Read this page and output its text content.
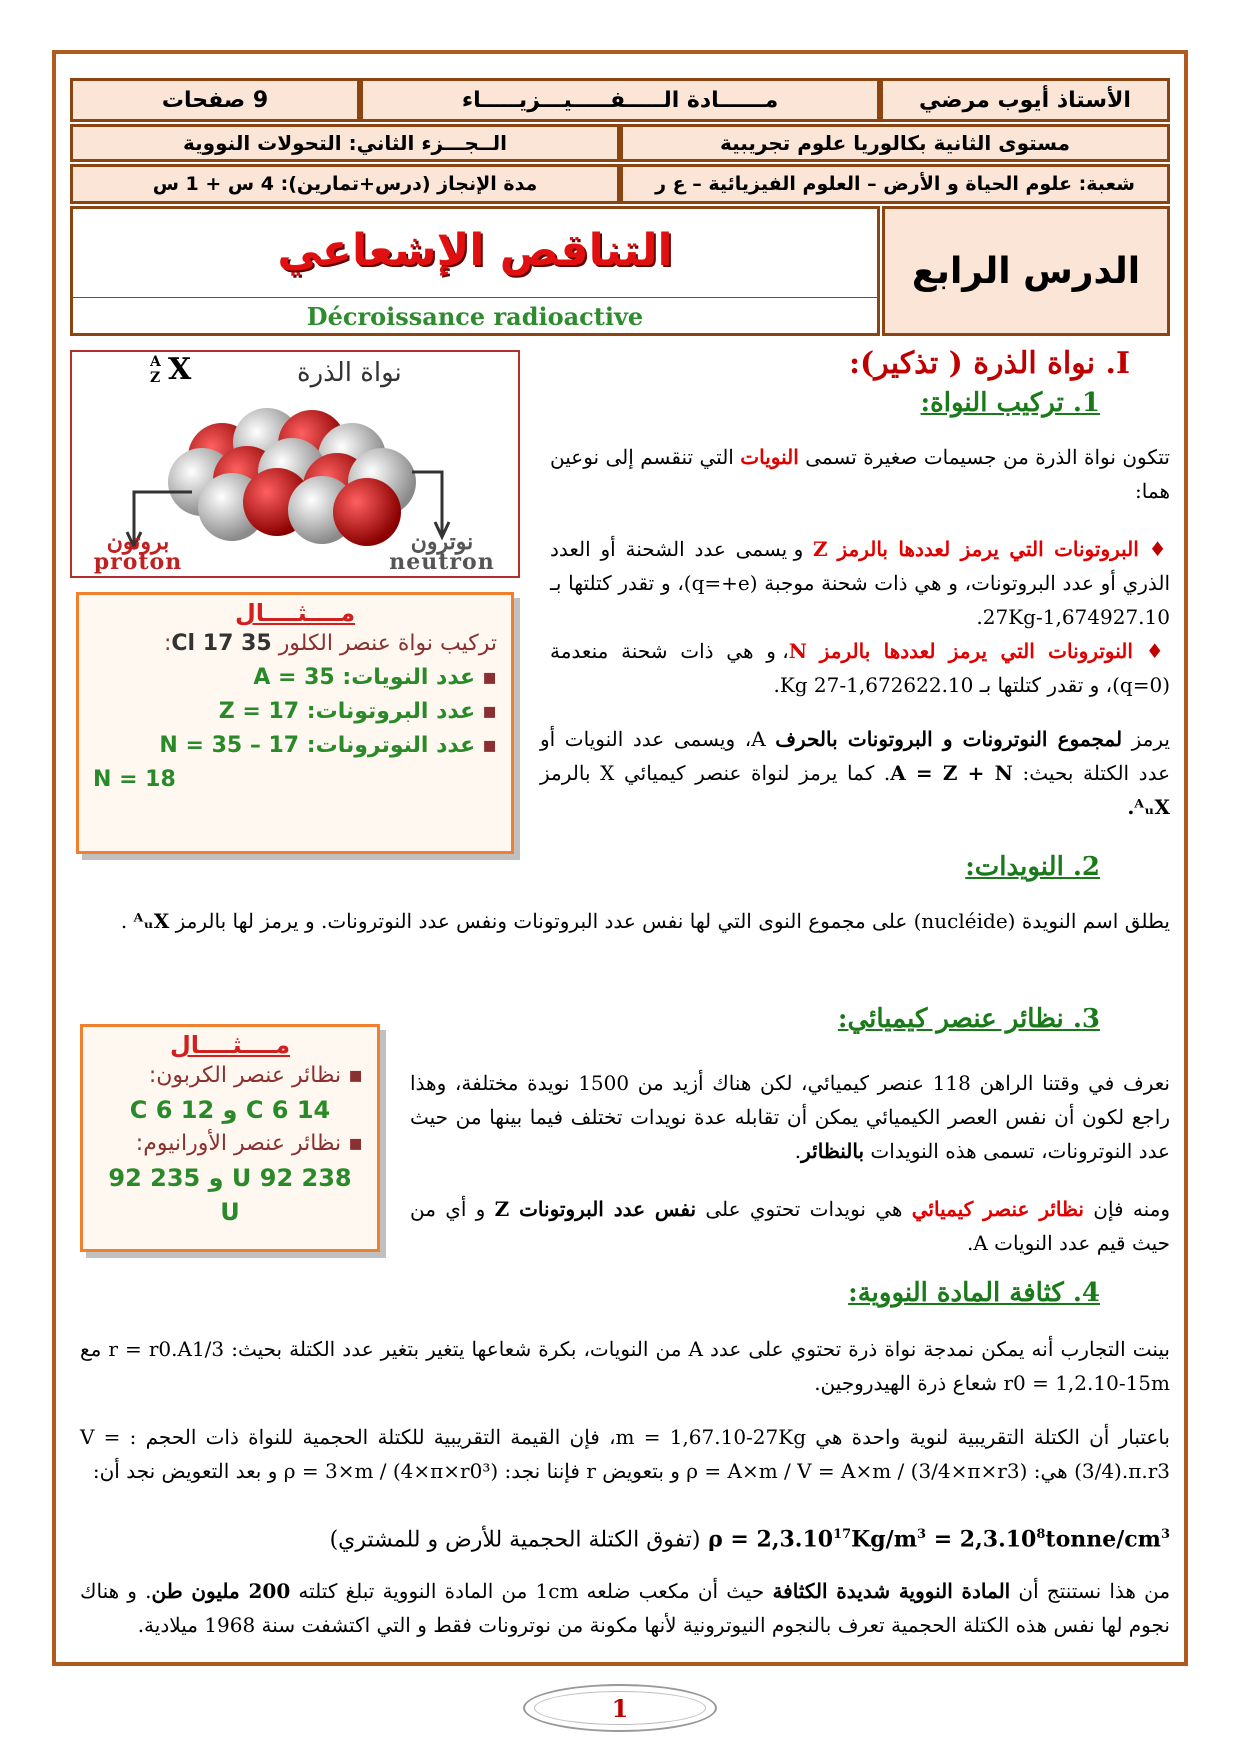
الأستاذ أيوب مرضي
مــــــادة الـــــفـــــيـــزيـــــاء
9 صفحات
مستوى الثانية بكالوريا علوم تجريبية
الــجـــزء الثاني: التحولات النووية
شعبة: علوم الحياة و الأرض – العلوم الفيزيائية – ع ر
مدة الإنجاز (درس+تمارين): 4 س + 1 س
الدرس الرابع
التناقص الإشعاعي
Décroissance radioactive
نواة الذرة
A
Z X
بروتون
proton
نوترون
neutron
مــــثــــال
تركيب نواة عنصر الكلور 35 17 Cl:
▪ عدد النويات: A = 35
▪ عدد البروتونات: Z = 17
▪ عدد النوترونات: N = 35 – 17
N = 18
I. نواة الذرة ( تذكير):
1. تركيب النواة:
تتكون نواة الذرة من جسيمات صغيرة تسمى النويات التي تنقسم إلى نوعين هما:
♦ البروتونات التي يرمز لعددها بالرمز Z و يسمى عدد الشحنة أو العدد الذري أو عدد البروتونات، و هي ذات شحنة موجبة (q=+e)، و تقدر كتلتها بـ 1,674927.10-27Kg.
♦ النوترونات التي يرمز لعددها بالرمز N، و هي ذات شحنة منعدمة (q=0)، و تقدر كتلتها بـ 1,672622.10-27 Kg.
يرمز لمجموع النوترونات و البروتونات بالحرف A، ويسمى عدد النويات أو عدد الكتلة بحيث: A = Z + N. كما يرمز لنواة عنصر كيميائي X بالرمز ᴬᵤX.
2. النويدات:
يطلق اسم النويدة (nucléide) على مجموع النوى التي لها نفس عدد البروتونات ونفس عدد النوترونات. و يرمز لها بالرمز ᴬᵤX .
3. نظائر عنصر كيميائي:
مــــثــــال
▪ نظائر عنصر الكربون:
14 6 C و 12 6 C
▪ نظائر عنصر الأورانيوم:
238 92 U و 235 92 U
نعرف في وقتنا الراهن 118 عنصر كيميائي، لكن هناك أزيد من 1500 نويدة مختلفة، وهذا راجع لكون أن نفس العصر الكيميائي يمكن أن تقابله عدة نويدات تختلف فيما بينها من حيث عدد النوترونات، تسمى هذه النويدات بالنظائر.
ومنه فإن نظائر عنصر كيميائي هي نويدات تحتوي على نفس عدد البروتونات Z و أي من حيث قيم عدد النويات A.
4. كثافة المادة النووية:
بينت التجارب أنه يمكن نمدجة نواة ذرة تحتوي على عدد A من النويات، بكرة شعاعها يتغير بتغير عدد الكتلة بحيث: r = r0.A1/3 مع r0 = 1,2.10-15m شعاع ذرة الهيدروجين.
باعتبار أن الكتلة التقريبية لنوية واحدة هي m = 1,67.10-27Kg، فإن القيمة التقريبية للكتلة الحجمية للنواة ذات الحجم : V = (3/4).π.r3 هي: ρ = A×m / V = A×m / (3/4×π×r3) و بتعويض r فإننا نجد: ρ = 3×m / (4×π×r0³) و بعد التعويض نجد أن:
$\rho = 2,3.10^{17}Kg/m^3$ = $2,3.10^8tonne/cm^3$ (تفوق الكتلة الحجمية للأرض و للمشتري)
من هذا نستنتج أن المادة النووية شديدة الكثافة حيث أن مكعب ضلعه 1cm من المادة النووية تبلغ كتلته 200 مليون طن. و هناك نجوم لها نفس هذه الكتلة الحجمية تعرف بالنجوم النيوترونية لأنها مكونة من نوترونات فقط و التي اكتشفت سنة 1968 ميلادية.
1
